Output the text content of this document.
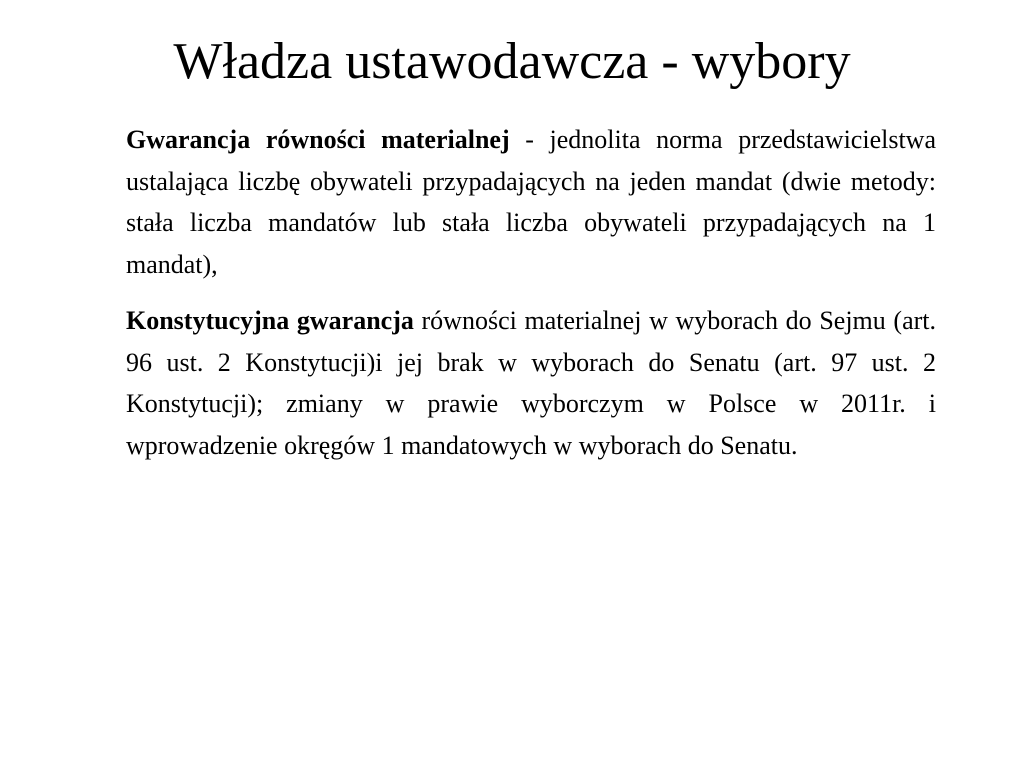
Władza ustawodawcza - wybory

Gwarancja równości materialnej - jednolita norma przedstawicielstwa ustalająca liczbę obywateli przypadających na jeden mandat (dwie metody: stała liczba mandatów lub stała liczba obywateli przypadających na 1 mandat),

Konstytucyjna gwarancja równości materialnej w wyborach do Sejmu (art. 96 ust. 2 Konstytucji)i jej brak w wyborach do Senatu (art. 97 ust. 2 Konstytucji); zmiany w prawie wyborczym w Polsce w 2011r. i wprowadzenie okręgów 1 mandatowych w wyborach do Senatu.
